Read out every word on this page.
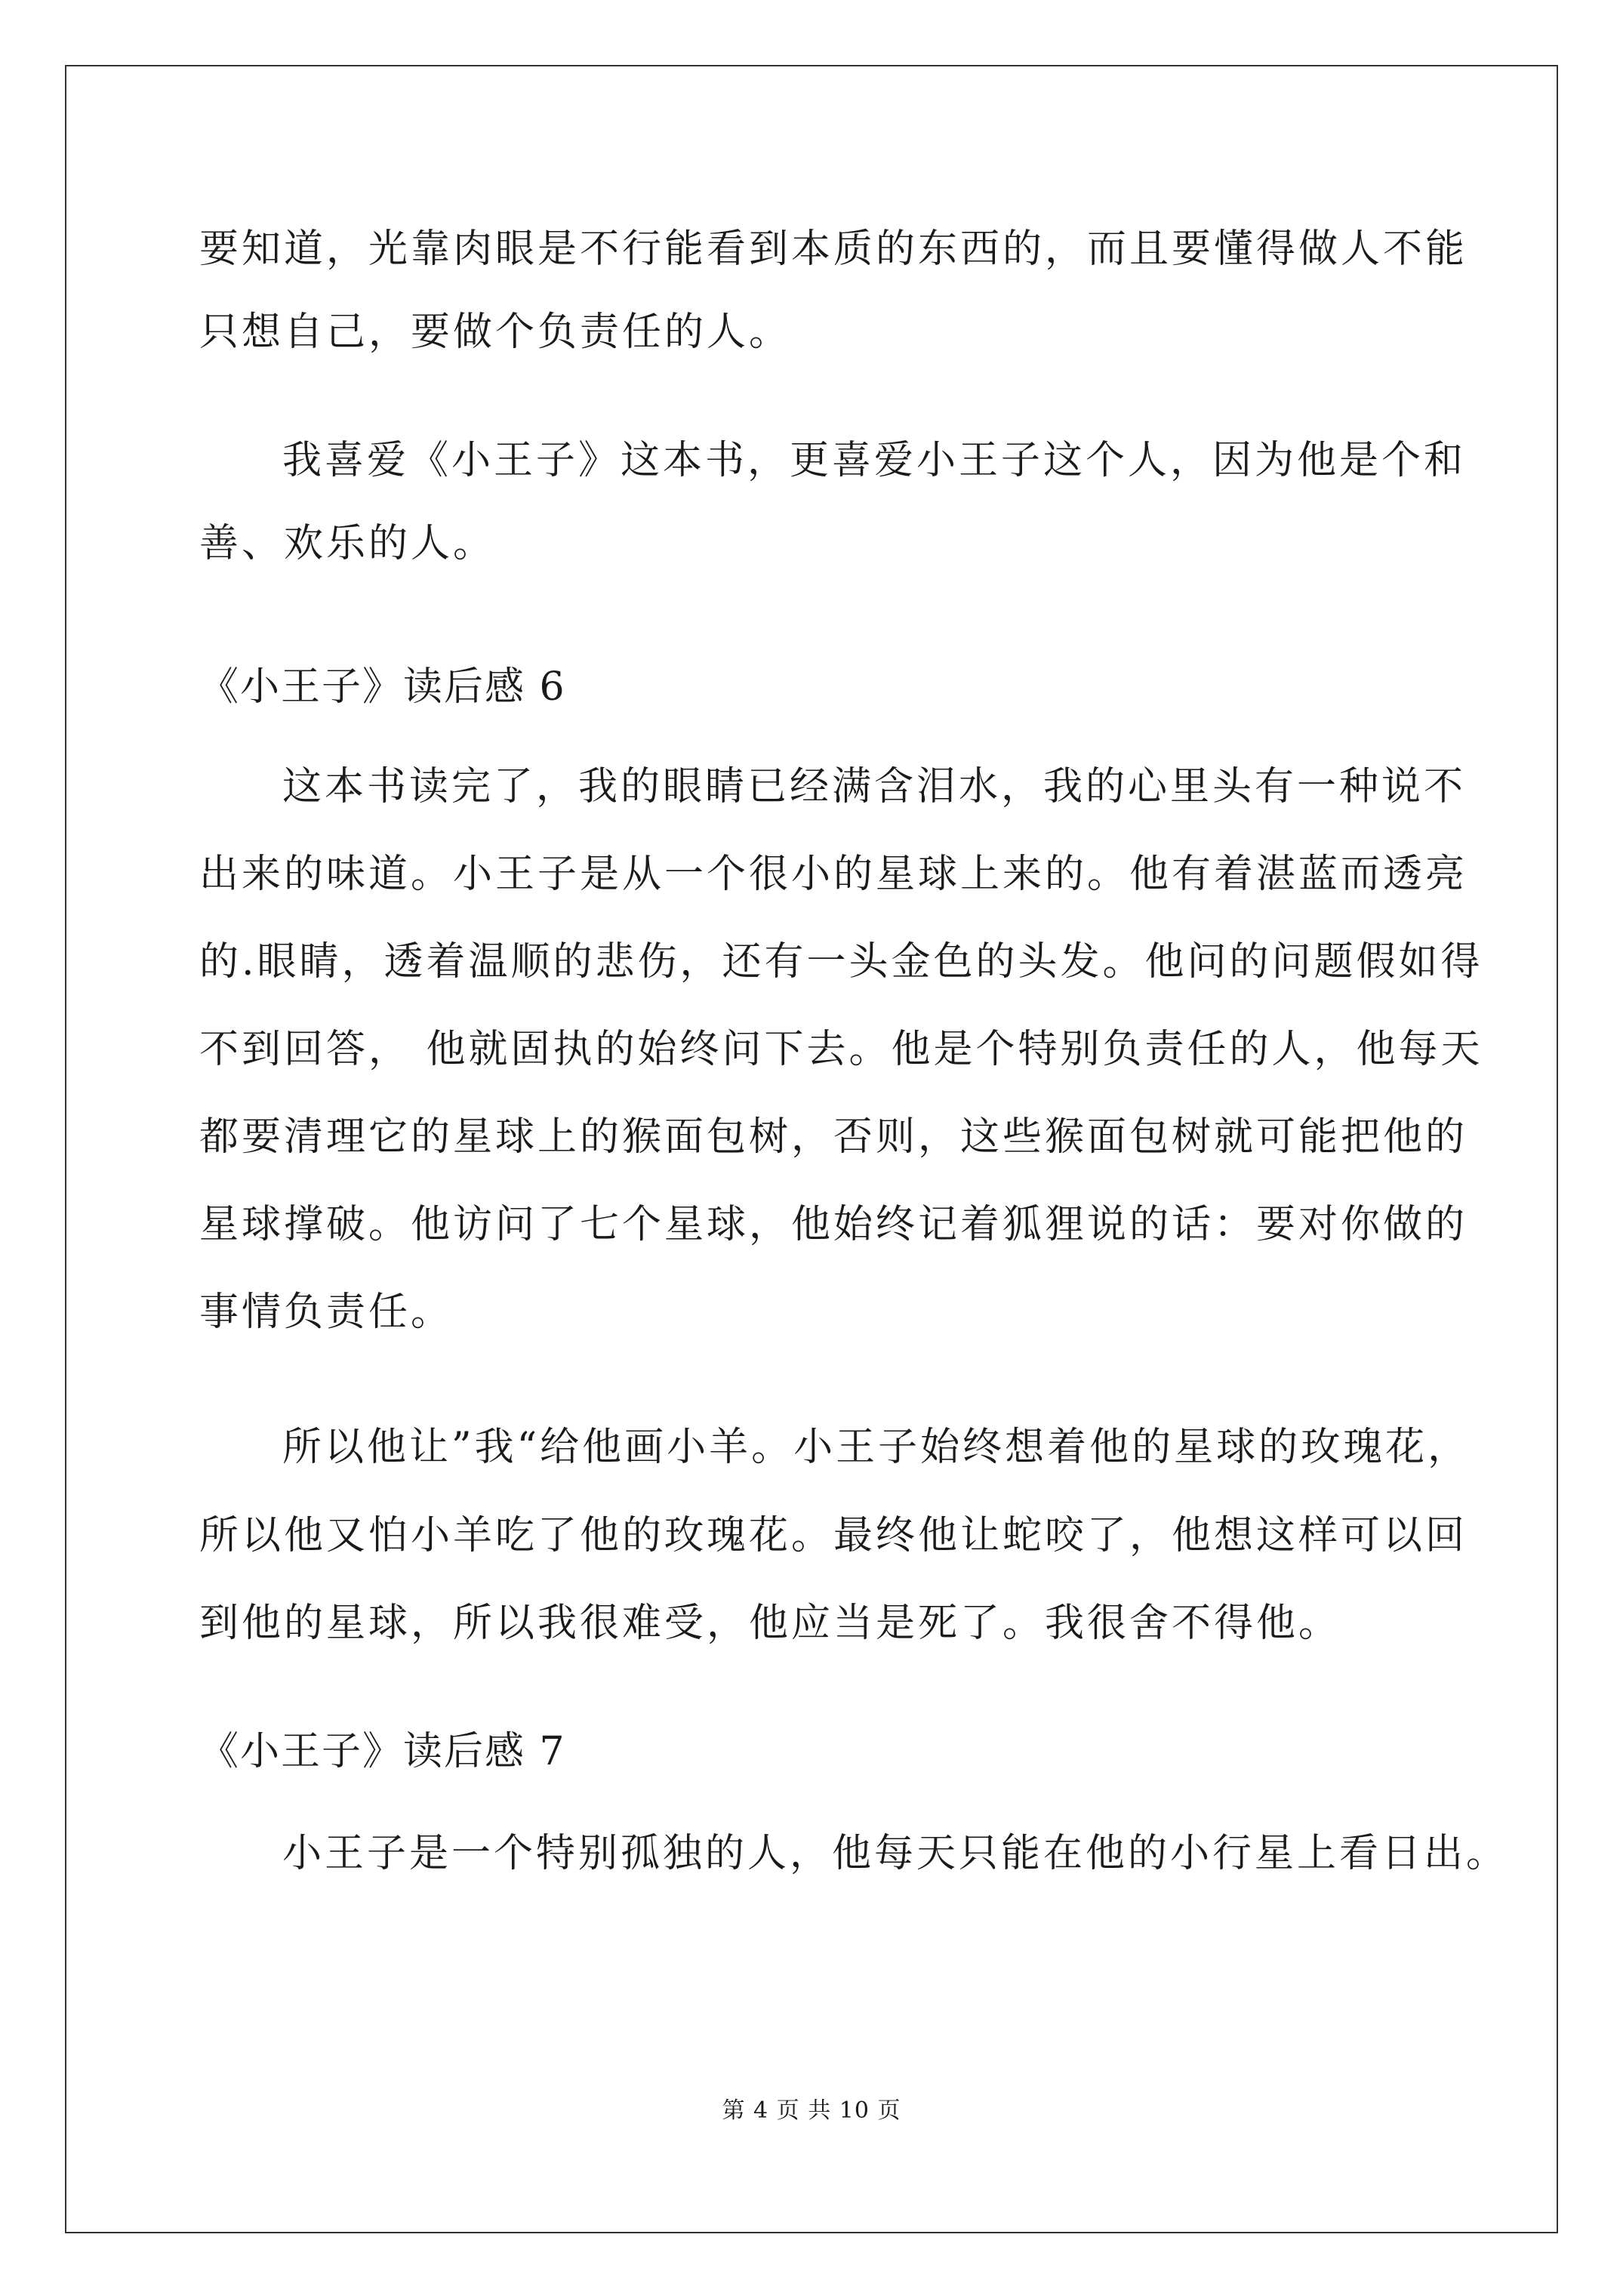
要知道，光靠肉眼是不行能看到本质的东西的，而且要懂得做人不能
只想自己，要做个负责任的人。
我喜爱《小王子》这本书，更喜爱小王子这个人，因为他是个和
善、欢乐的人。
《小王子》读后感 6
这本书读完了，我的眼睛已经满含泪水，我的心里头有一种说不
出来的味道。小王子是从一个很小的星球上来的。他有着湛蓝而透亮
的.眼睛，透着温顺的悲伤，还有一头金色的头发。他问的问题假如得
不到回答， 他就固执的始终问下去。他是个特别负责任的人，他每天
都要清理它的星球上的猴面包树，否则，这些猴面包树就可能把他的
星球撑破。他访问了七个星球，他始终记着狐狸说的话：要对你做的
事情负责任。
所以他让”我“给他画小羊。小王子始终想着他的星球的玫瑰花，
所以他又怕小羊吃了他的玫瑰花。最终他让蛇咬了，他想这样可以回
到他的星球，所以我很难受，他应当是死了。我很舍不得他。
《小王子》读后感 7
小王子是一个特别孤独的人，他每天只能在他的小行星上看日出。
第 4 页 共 10 页
